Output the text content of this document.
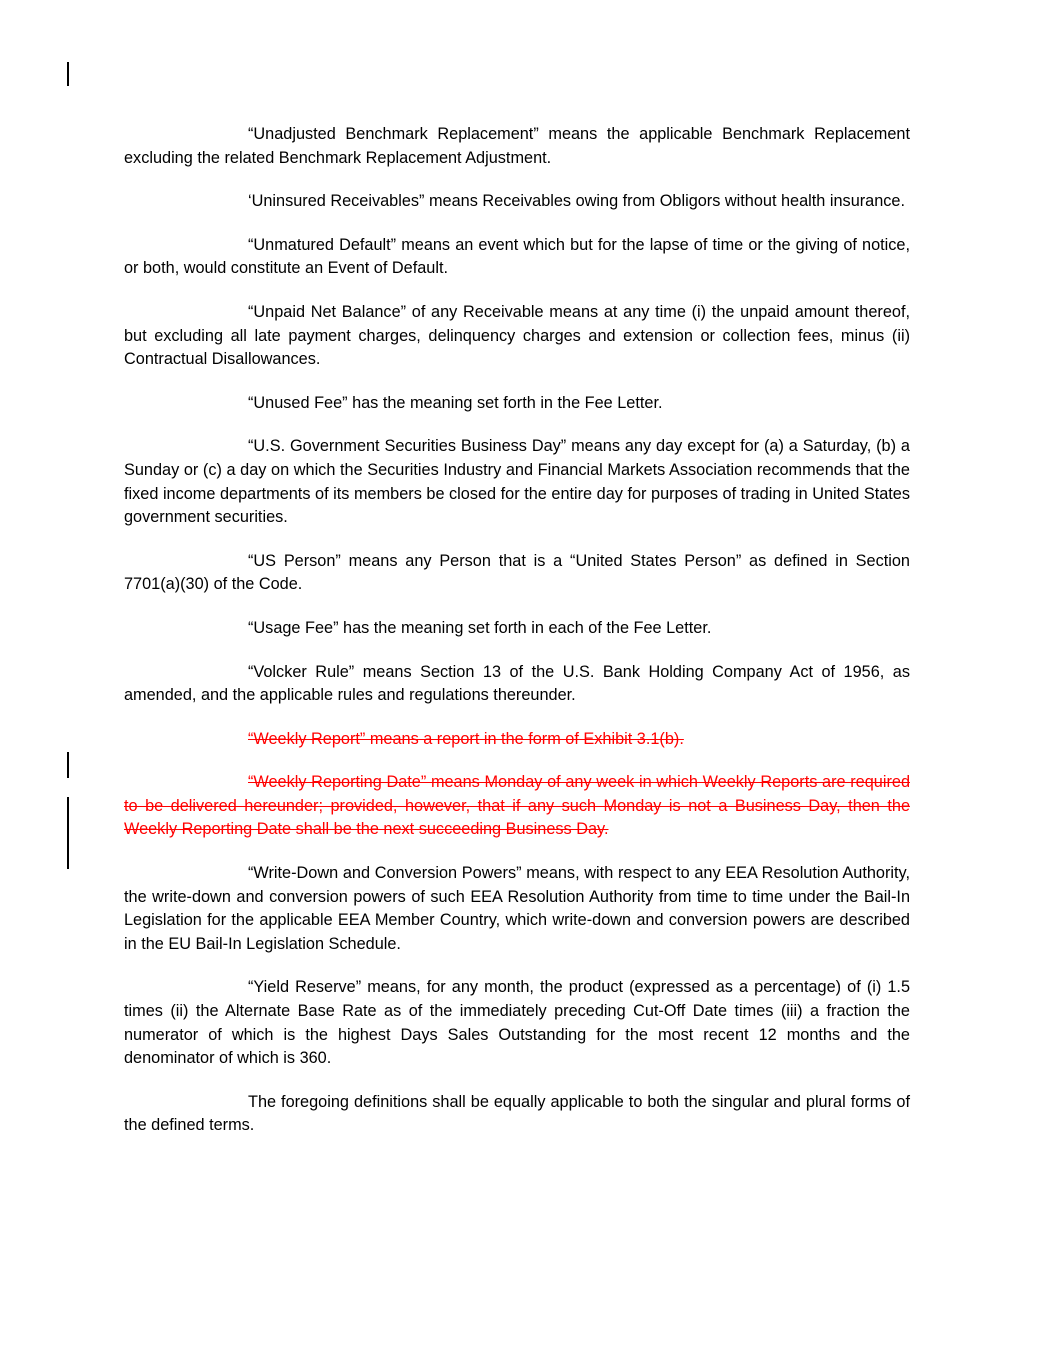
“Unadjusted Benchmark Replacement” means the applicable Benchmark Replacement excluding the related Benchmark Replacement Adjustment.

‘Uninsured Receivables” means Receivables owing from Obligors without health insurance.

“Unmatured Default” means an event which but for the lapse of time or the giving of notice, or both, would constitute an Event of Default.

“Unpaid Net Balance” of any Receivable means at any time (i) the unpaid amount thereof, but excluding all late payment charges, delinquency charges and extension or collection fees, minus (ii) Contractual Disallowances.

“Unused Fee” has the meaning set forth in the Fee Letter.

“U.S. Government Securities Business Day” means any day except for (a) a Saturday, (b) a Sunday or (c) a day on which the Securities Industry and Financial Markets Association recommends that the fixed income departments of its members be closed for the entire day for purposes of trading in United States government securities.

“US Person” means any Person that is a “United States Person” as defined in Section 7701(a)(30) of the Code.

“Usage Fee” has the meaning set forth in each of the Fee Letter.

“Volcker Rule” means Section 13 of the U.S. Bank Holding Company Act of 1956, as amended, and the applicable rules and regulations thereunder.

“Weekly Report” means a report in the form of Exhibit 3.1(b).

“Weekly Reporting Date” means Monday of any week in which Weekly Reports are required to be delivered hereunder; provided, however, that if any such Monday is not a Business Day, then the Weekly Reporting Date shall be the next succeeding Business Day.

“Write-Down and Conversion Powers” means, with respect to any EEA Resolution Authority, the write-down and conversion powers of such EEA Resolution Authority from time to time under the Bail-In Legislation for the applicable EEA Member Country, which write-down and conversion powers are described in the EU Bail-In Legislation Schedule.

“Yield Reserve” means, for any month, the product (expressed as a percentage) of (i) 1.5 times (ii) the Alternate Base Rate as of the immediately preceding Cut-Off Date times (iii) a fraction the numerator of which is the highest Days Sales Outstanding for the most recent 12 months and the denominator of which is 360.

The foregoing definitions shall be equally applicable to both the singular and plural forms of the defined terms.
